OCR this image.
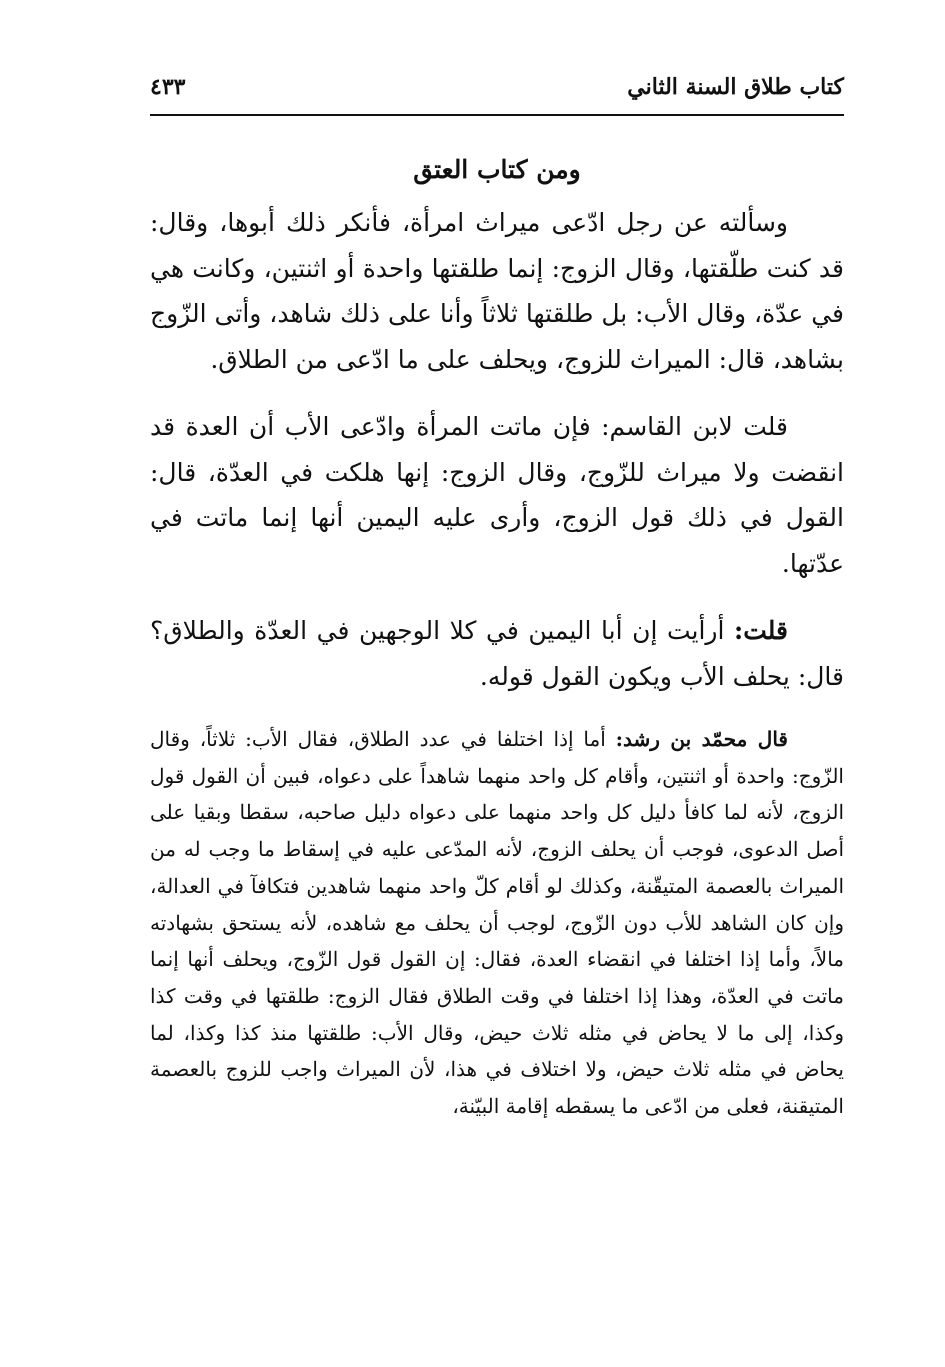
كتاب طلاق السنة الثاني
٤٣٣
ومن كتاب العتق

وسألته عن رجل ادّعى ميراث امرأة، فأنكر ذلك أبوها، وقال: قد كنت طلّقتها، وقال الزوج: إنما طلقتها واحدة أو اثنتين، وكانت هي في عدّة، وقال الأب: بل طلقتها ثلاثاً وأنا على ذلك شاهد، وأتى الزّوج بشاهد، قال: الميراث للزوج، ويحلف على ما ادّعى من الطلاق.

قلت لابن القاسم: فإن ماتت المرأة وادّعى الأب أن العدة قد انقضت ولا ميراث للزّوج، وقال الزوج: إنها هلكت في العدّة، قال: القول في ذلك قول الزوج، وأرى عليه اليمين أنها إنما ماتت في عدّتها.

قلت: أرأيت إن أبا اليمين في كلا الوجهين في العدّة والطلاق؟ قال: يحلف الأب ويكون القول قوله.

قال محمّد بن رشد: أما إذا اختلفا في عدد الطلاق، فقال الأب: ثلاثاً، وقال الزّوج: واحدة أو اثنتين، وأقام كل واحد منهما شاهداً على دعواه، فبين أن القول قول الزوج، لأنه لما كافأ دليل كل واحد منهما على دعواه دليل صاحبه، سقطا وبقيا على أصل الدعوى، فوجب أن يحلف الزوج، لأنه المدّعى عليه في إسقاط ما وجب له من الميراث بالعصمة المتيقّنة، وكذلك لو أقام كلّ واحد منهما شاهدين فتكافآ في العدالة، وإن كان الشاهد للأب دون الزّوج، لوجب أن يحلف مع شاهده، لأنه يستحق بشهادته مالاً، وأما إذا اختلفا في انقضاء العدة، فقال: إن القول قول الزّوج، ويحلف أنها إنما ماتت في العدّة، وهذا إذا اختلفا في وقت الطلاق فقال الزوج: طلقتها في وقت كذا وكذا، إلى ما لا يحاض في مثله ثلاث حيض، وقال الأب: طلقتها منذ كذا وكذا، لما يحاض في مثله ثلاث حيض، ولا اختلاف في هذا، لأن الميراث واجب للزوج بالعصمة المتيقنة، فعلى من ادّعى ما يسقطه إقامة البيّنة،
